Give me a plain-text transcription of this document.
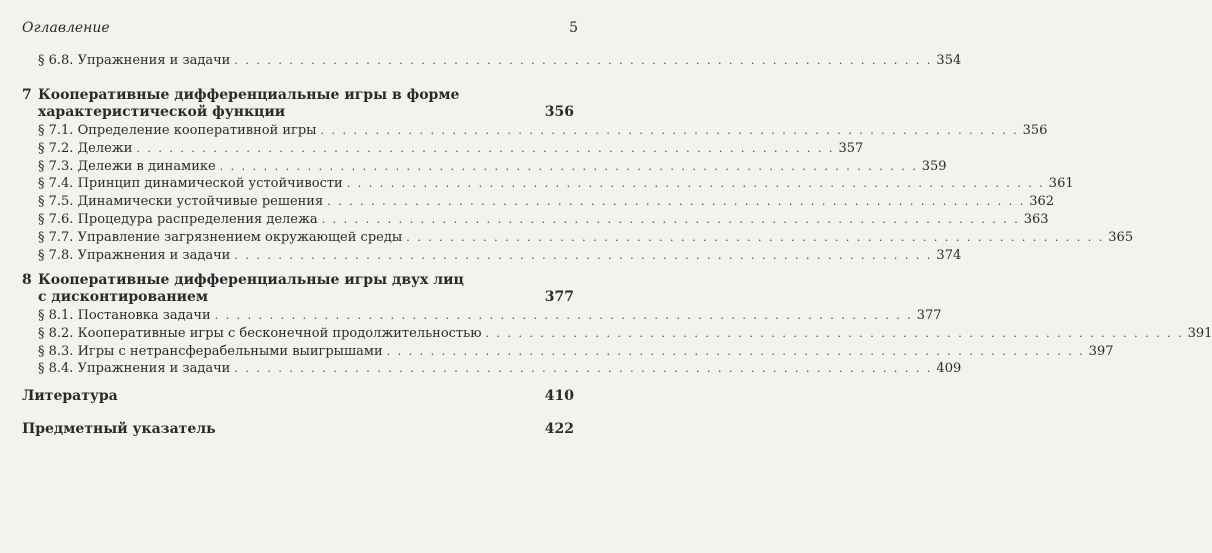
Оглавление	5
§ 6.8. Упражнения и задачи . . . . . . . . . . . . . . . . . . . . . . . . . . . . . . . . . . . . . . . . . . . . . . . . . . . . . . . . . . . . . . . . 354
7 Кооперативные дифференциальные игры в форме
характеристической функции	356
§ 7.1. Определение кооперативной игры . . . . . . . . . . . . . . . . . . . . . . . . . . . . . . . . . . . . . . . . . . . . . . . . . . . . . . . . . . . . . . . . 356
§ 7.2. Дележи . . . . . . . . . . . . . . . . . . . . . . . . . . . . . . . . . . . . . . . . . . . . . . . . . . . . . . . . . . . . . . . . 357
§ 7.3. Дележи в динамике . . . . . . . . . . . . . . . . . . . . . . . . . . . . . . . . . . . . . . . . . . . . . . . . . . . . . . . . . . . . . . . . 359
§ 7.4. Принцип динамической устойчивости . . . . . . . . . . . . . . . . . . . . . . . . . . . . . . . . . . . . . . . . . . . . . . . . . . . . . . . . . . . . . . . . 361
§ 7.5. Динамически устойчивые решения . . . . . . . . . . . . . . . . . . . . . . . . . . . . . . . . . . . . . . . . . . . . . . . . . . . . . . . . . . . . . . . . 362
§ 7.6. Процедура распределения дележа . . . . . . . . . . . . . . . . . . . . . . . . . . . . . . . . . . . . . . . . . . . . . . . . . . . . . . . . . . . . . . . . 363
§ 7.7. Управление загрязнением окружающей среды . . . . . . . . . . . . . . . . . . . . . . . . . . . . . . . . . . . . . . . . . . . . . . . . . . . . . . . . . . . . . . . . 365
§ 7.8. Упражнения и задачи . . . . . . . . . . . . . . . . . . . . . . . . . . . . . . . . . . . . . . . . . . . . . . . . . . . . . . . . . . . . . . . . 374
8 Кооперативные дифференциальные игры двух лиц
с дисконтированием	377
§ 8.1. Постановка задачи . . . . . . . . . . . . . . . . . . . . . . . . . . . . . . . . . . . . . . . . . . . . . . . . . . . . . . . . . . . . . . . . 377
§ 8.2. Кооперативные игры с бесконечной продолжительностью . . . . . . . . . . . . . . . . . . . . . . . . . . . . . . . . . . . . . . . . . . . . . . . . . . . . . . . . . . . . . . . . 391
§ 8.3. Игры с нетрансферабельными выигрышами . . . . . . . . . . . . . . . . . . . . . . . . . . . . . . . . . . . . . . . . . . . . . . . . . . . . . . . . . . . . . . . . 397
§ 8.4. Упражнения и задачи . . . . . . . . . . . . . . . . . . . . . . . . . . . . . . . . . . . . . . . . . . . . . . . . . . . . . . . . . . . . . . . . 409
Литература	410
Предметный указатель	422
